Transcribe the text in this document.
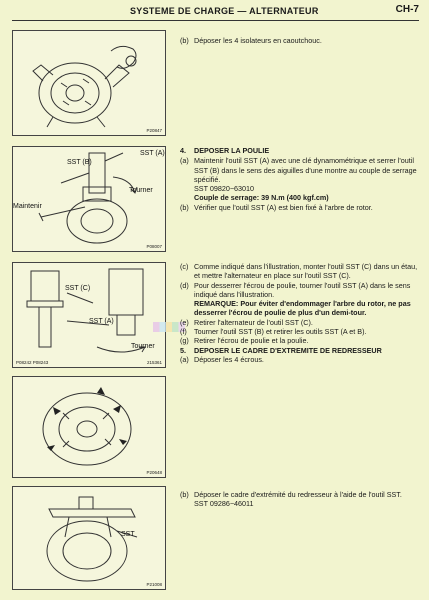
SYSTEME DE CHARGE — ALTERNATEUR	CH-7
P20847
SST (A)
SST (B)
Tourner
Maintenir
P08007
SST (C)
SST (A)
Tourner
P08242 P08243	215361
P20648
SST
P21008
(b) Déposer les 4 isolateurs en caoutchouc.
4.	DEPOSER LA POULIE
(a) Maintenir l'outil SST (A) avec une clé dynamométrique et serrer l'outil SST (B) dans le sens des aiguilles d'une montre au couple de serrage spécifié.
SST 09820−63010
Couple de serrage: 39 N.m (400 kgf.cm)
(b) Vérifier que l'outil SST (A) est bien fixé à l'arbre de rotor.
(c) Comme indiqué dans l'illustration, monter l'outil SST (C) dans un étau, et mettre l'alternateur en place sur l'outil SST (C).
(d) Pour desserrer l'écrou de poulie, tourner l'outil SST (A) dans le sens indiqué dans l'illustration.
REMARQUE: Pour éviter d'endommager l'arbre du rotor, ne pas desserrer l'écrou de poulie de plus d'un demi-tour.
(e) Retirer l'alternateur de l'outil SST (C).
(f)	Tourner l'outil SST (B) et retirer les outils SST (A et B).
(g) Retirer l'écrou de poulie et la poulie.
5.	DEPOSER LE CADRE D'EXTREMITE DE REDRESSEUR
(a) Déposer les 4 écrous.
(b) Déposer le cadre d'extrémité du redresseur à l'aide de l'outil SST.
SST 09286−46011
